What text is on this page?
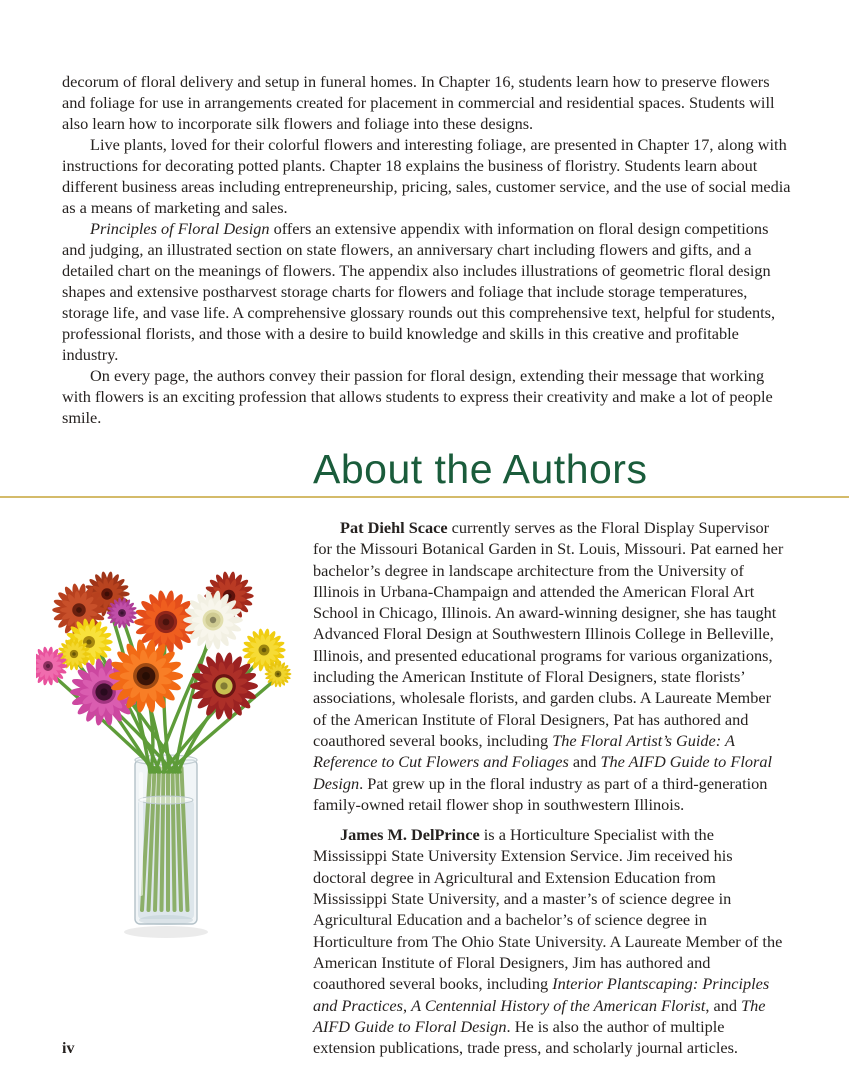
decorum of floral delivery and setup in funeral homes. In Chapter 16, students learn how to preserve flowers and foliage for use in arrangements created for placement in commercial and residential spaces. Students will also learn how to incorporate silk flowers and foliage into these designs.

Live plants, loved for their colorful flowers and interesting foliage, are presented in Chapter 17, along with instructions for decorating potted plants. Chapter 18 explains the business of floristry. Students learn about different business areas including entrepreneurship, pricing, sales, customer service, and the use of social media as a means of marketing and sales.

Principles of Floral Design offers an extensive appendix with information on floral design competitions and judging, an illustrated section on state flowers, an anniversary chart including flowers and gifts, and a detailed chart on the meanings of flowers. The appendix also includes illustrations of geometric floral design shapes and extensive postharvest storage charts for flowers and foliage that include storage temperatures, storage life, and vase life. A comprehensive glossary rounds out this comprehensive text, helpful for students, professional florists, and those with a desire to build knowledge and skills in this creative and profitable industry.

On every page, the authors convey their passion for floral design, extending their message that working with flowers is an exciting profession that allows students to express their creativity and make a lot of people smile.

About the Authors

Pat Diehl Scace currently serves as the Floral Display Supervisor for the Missouri Botanical Garden in St. Louis, Missouri. Pat earned her bachelor’s degree in landscape architecture from the University of Illinois in Urbana-Champaign and attended the American Floral Art School in Chicago, Illinois. An award-winning designer, she has taught Advanced Floral Design at Southwestern Illinois College in Belleville, Illinois, and presented educational programs for various organizations, including the American Institute of Floral Designers, state florists’ associations, wholesale florists, and garden clubs. A Laureate Member of the American Institute of Floral Designers, Pat has authored and coauthored several books, including The Floral Artist’s Guide: A Reference to Cut Flowers and Foliages and The AIFD Guide to Floral Design. Pat grew up in the floral industry as part of a third-generation family-owned retail flower shop in southwestern Illinois.

James M. DelPrince is a Horticulture Specialist with the Mississippi State University Extension Service. Jim received his doctoral degree in Agricultural and Extension Education from Mississippi State University, and a master’s of science degree in Agricultural Education and a bachelor’s of science degree in Horticulture from The Ohio State University. A Laureate Member of the American Institute of Floral Designers, Jim has authored and coauthored several books, including Interior Plantscaping: Principles and Practices, A Centennial History of the American Florist, and The AIFD Guide to Floral Design. He is also the author of multiple extension publications, trade press, and scholarly journal articles.

iv
